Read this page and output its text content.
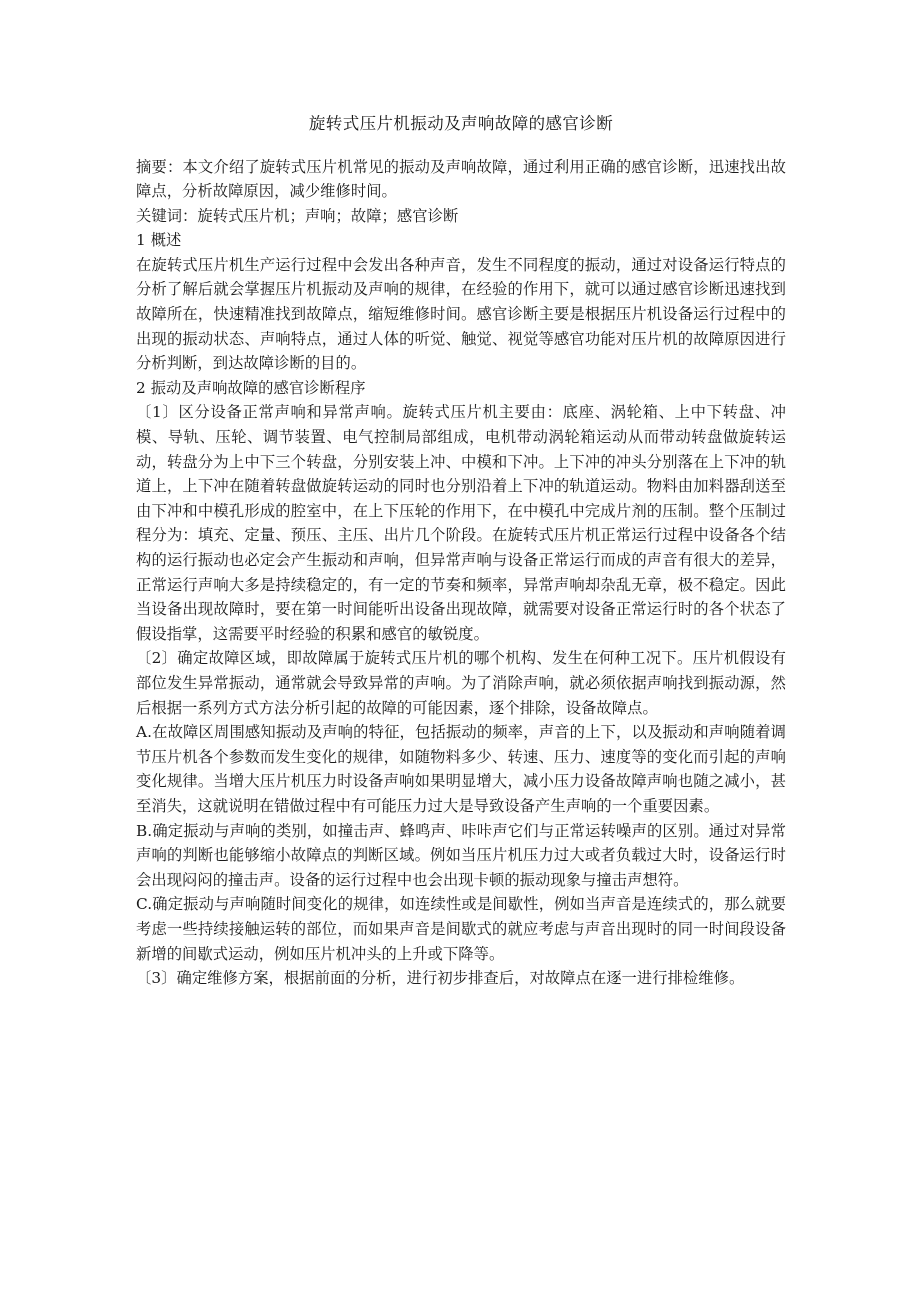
旋转式压片机振动及声响故障的感官诊断

摘要：本文介绍了旋转式压片机常见的振动及声响故障，通过利用正确的感官诊断，迅速找出故障点，分析故障原因，减少维修时间。

关键词：旋转式压片机；声响；故障；感官诊断

1 概述

在旋转式压片机生产运行过程中会发出各种声音，发生不同程度的振动，通过对设备运行特点的分析了解后就会掌握压片机振动及声响的规律，在经验的作用下，就可以通过感官诊断迅速找到故障所在，快速精准找到故障点，缩短维修时间。感官诊断主要是根据压片机设备运行过程中的出现的振动状态、声响特点，通过人体的听觉、触觉、视觉等感官功能对压片机的故障原因进行分析判断，到达故障诊断的目的。

2 振动及声响故障的感官诊断程序

〔1〕区分设备正常声响和异常声响。旋转式压片机主要由：底座、涡轮箱、上中下转盘、冲模、导轨、压轮、调节装置、电气控制局部组成，电机带动涡轮箱运动从而带动转盘做旋转运动，转盘分为上中下三个转盘，分别安装上冲、中模和下冲。上下冲的冲头分别落在上下冲的轨道上，上下冲在随着转盘做旋转运动的同时也分别沿着上下冲的轨道运动。物料由加料器刮送至由下冲和中模孔形成的腔室中，在上下压轮的作用下，在中模孔中完成片剂的压制。整个压制过程分为：填充、定量、预压、主压、出片几个阶段。在旋转式压片机正常运行过程中设备各个结构的运行振动也必定会产生振动和声响，但异常声响与设备正常运行而成的声音有很大的差异，正常运行声响大多是持续稳定的，有一定的节奏和频率，异常声响却杂乱无章，极不稳定。因此当设备出现故障时，要在第一时间能听出设备出现故障，就需要对设备正常运行时的各个状态了假设指掌，这需要平时经验的积累和感官的敏锐度。

〔2〕确定故障区域，即故障属于旋转式压片机的哪个机构、发生在何种工况下。压片机假设有部位发生异常振动，通常就会导致异常的声响。为了消除声响，就必须依据声响找到振动源，然后根据一系列方式方法分析引起的故障的可能因素，逐个排除，设备故障点。

A.在故障区周围感知振动及声响的特征，包括振动的频率，声音的上下，以及振动和声响随着调节压片机各个参数而发生变化的规律，如随物料多少、转速、压力、速度等的变化而引起的声响变化规律。当增大压片机压力时设备声响如果明显增大，减小压力设备故障声响也随之减小，甚至消失，这就说明在错做过程中有可能压力过大是导致设备产生声响的一个重要因素。

B.确定振动与声响的类别，如撞击声、蜂鸣声、咔咔声它们与正常运转噪声的区别。通过对异常声响的判断也能够缩小故障点的判断区域。例如当压片机压力过大或者负载过大时，设备运行时会出现闷闷的撞击声。设备的运行过程中也会出现卡顿的振动现象与撞击声想符。

C.确定振动与声响随时间变化的规律，如连续性或是间歇性，例如当声音是连续式的，那么就要考虑一些持续接触运转的部位，而如果声音是间歇式的就应考虑与声音出现时的同一时间段设备新增的间歇式运动，例如压片机冲头的上升或下降等。

〔3〕确定维修方案，根据前面的分析，进行初步排查后，对故障点在逐一进行排检维修。
